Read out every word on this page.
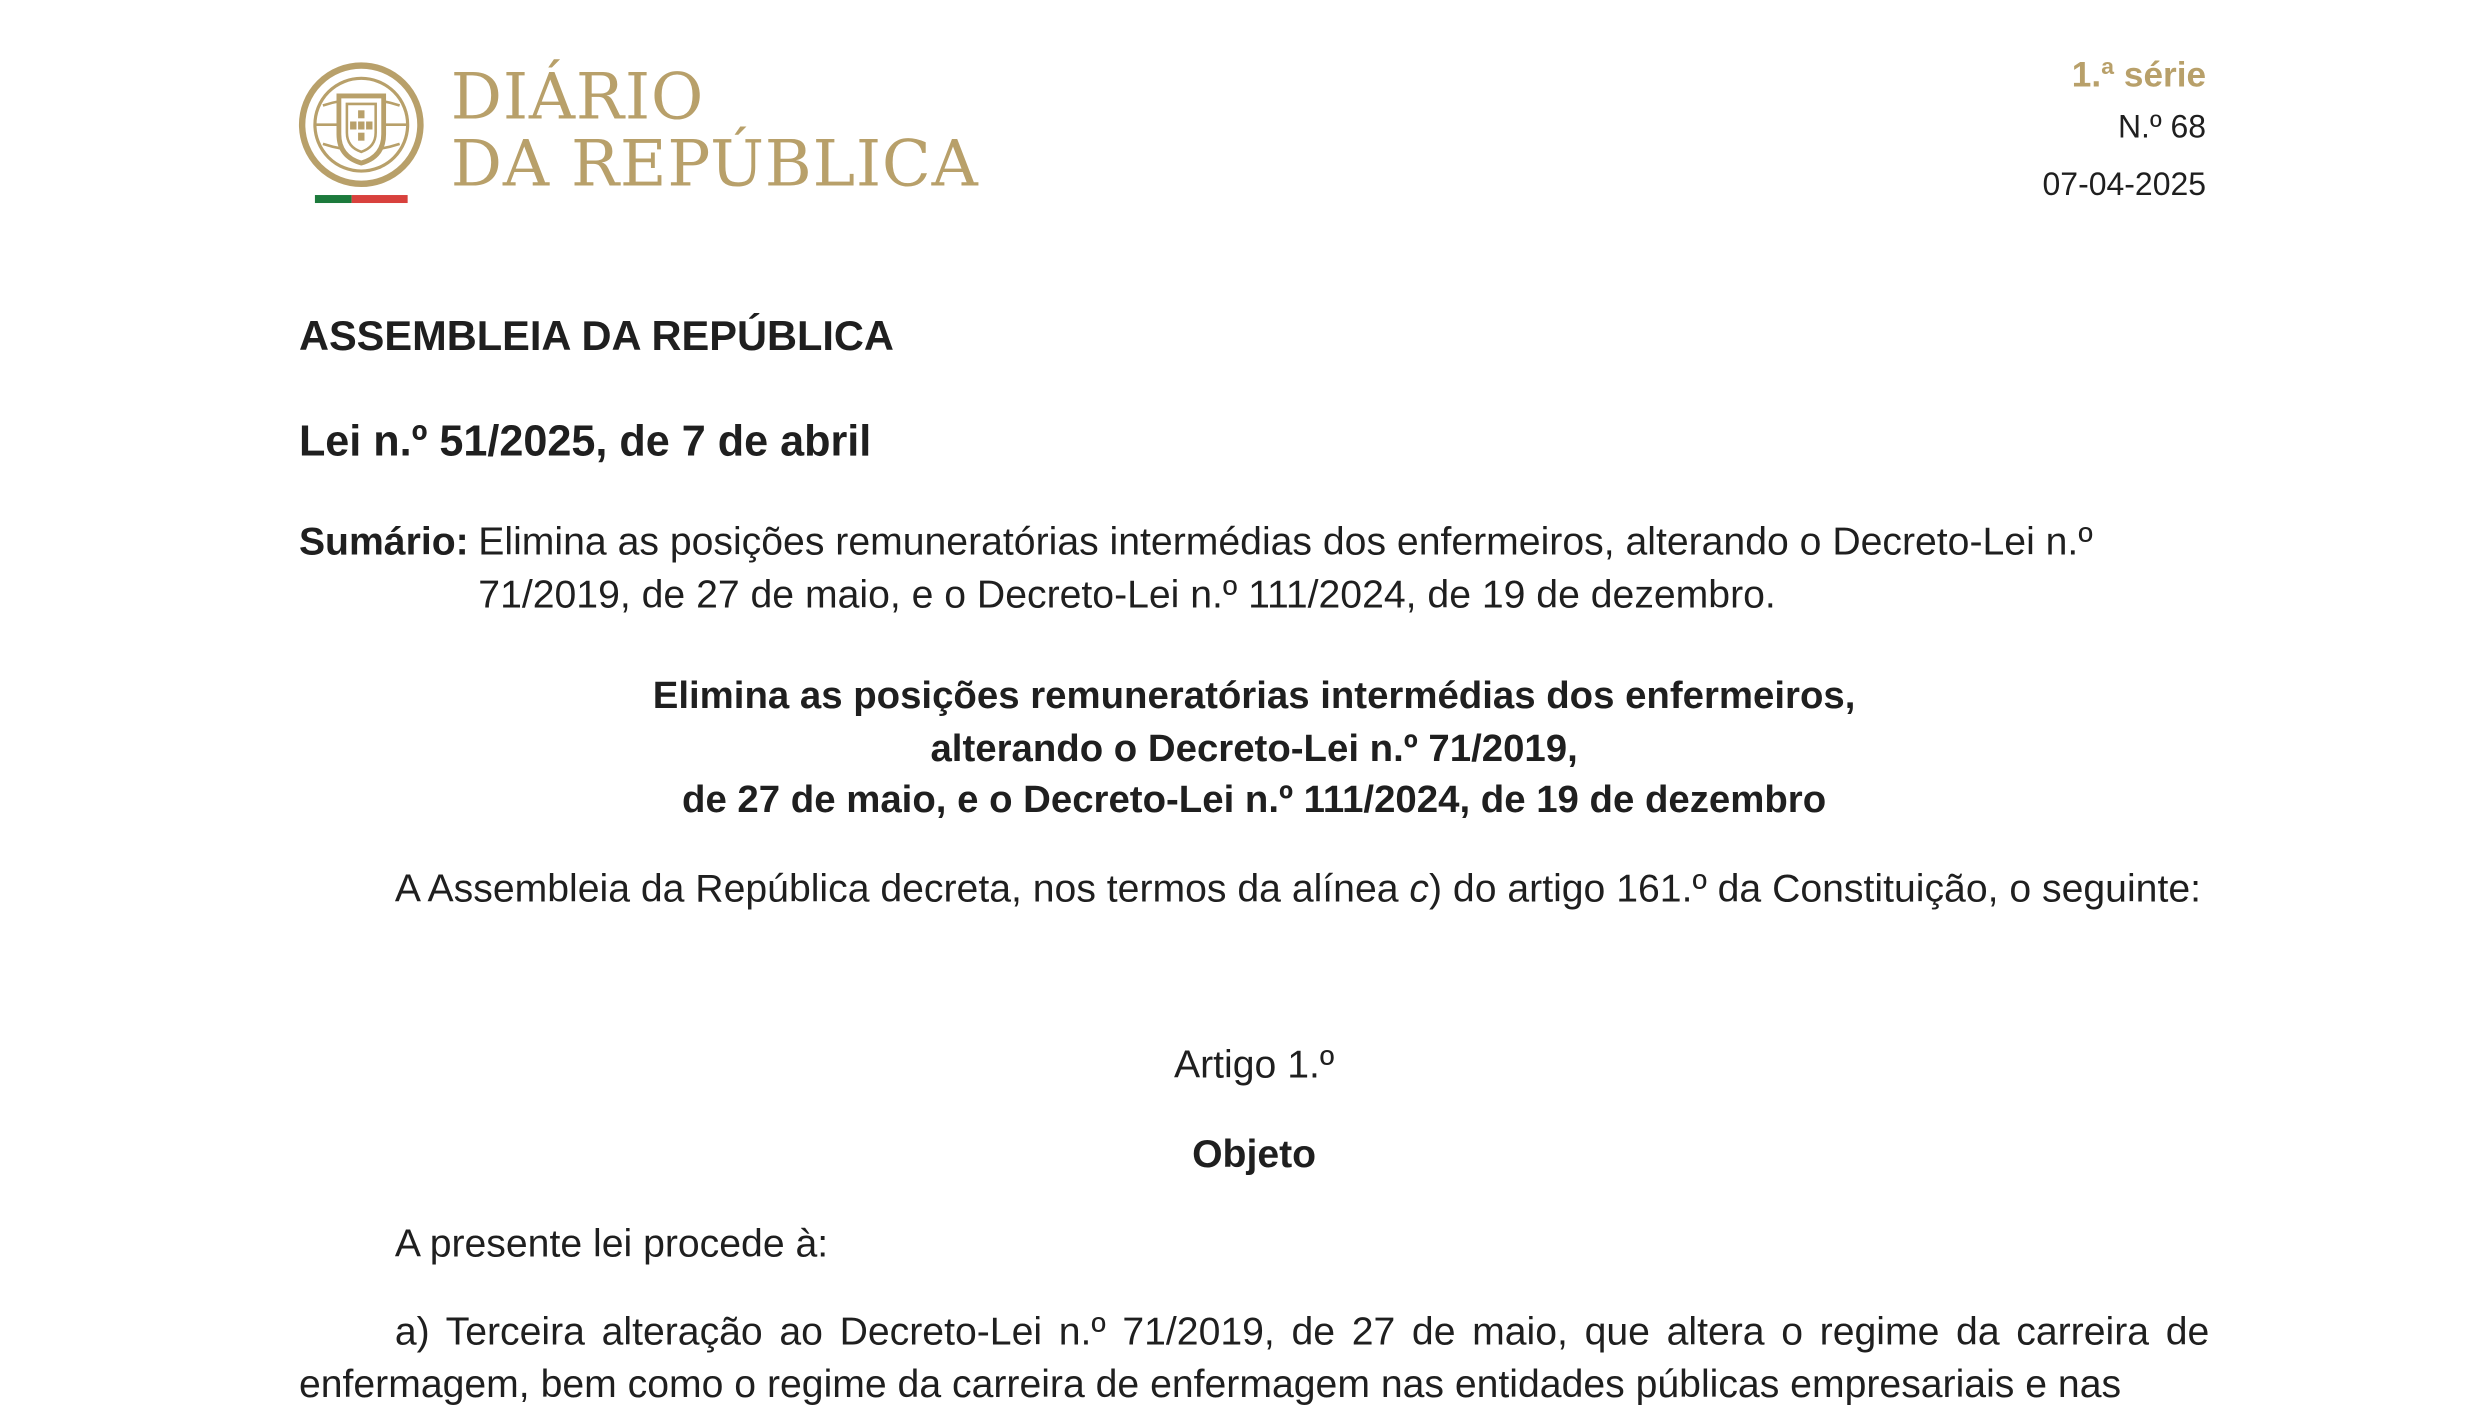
DIÁRIO
DA REPÚBLICA
1.ª série
N.º 68
07-04-2025
ASSEMBLEIA DA REPÚBLICA
Lei n.º 51/2025, de 7 de abril
Sumário: Elimina as posições remuneratórias intermédias dos enfermeiros, alterando o Decreto-Lei n.º 71/2019, de 27 de maio, e o Decreto-Lei n.º 111/2024, de 19 de dezembro.
Elimina as posições remuneratórias intermédias dos enfermeiros,
alterando o Decreto-Lei n.º 71/2019,
de 27 de maio, e o Decreto-Lei n.º 111/2024, de 19 de dezembro
A Assembleia da República decreta, nos termos da alínea c) do artigo 161.º da Constituição, o seguinte:
Artigo 1.º
Objeto
A presente lei procede à:
a) Terceira alteração ao Decreto-Lei n.º 71/2019, de 27 de maio, que altera o regime da carreira de enfermagem, bem como o regime da carreira de enfermagem nas entidades públicas empresariais e nas
